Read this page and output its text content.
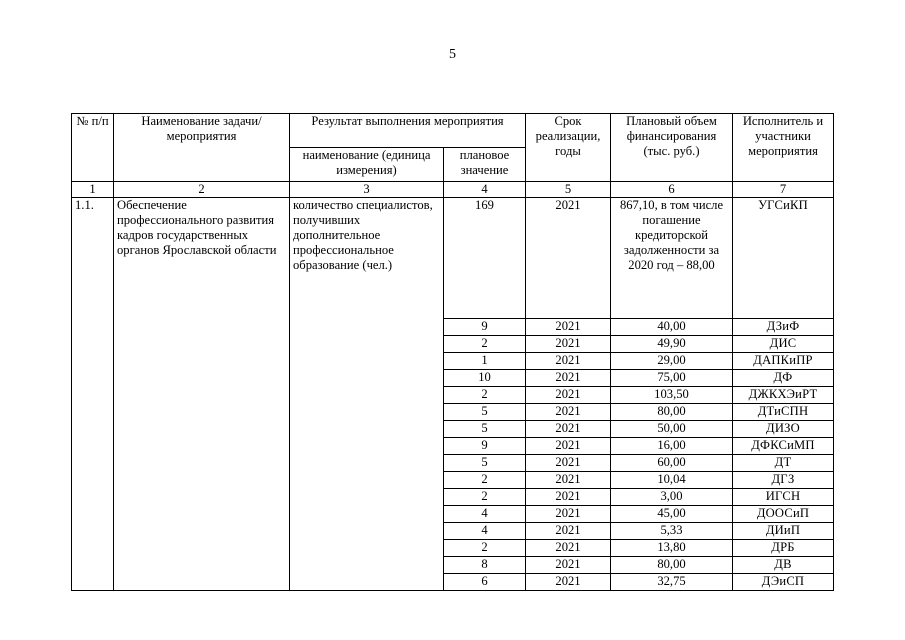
5
№ п/п	Наименование задачи/мероприятия	Результат выполнения мероприятия		Срок реализации, годы	Плановый объем финансирования (тыс. руб.)	Исполнитель и участники мероприятия
		наименование (единица измерения)	плановое значение			
1	2	3	4	5	6	7
1.1.	Обеспечение профессионального развития кадров государственных органов Ярославской области	количество специалистов, получивших дополнительное профессиональное образование (чел.)	169	2021	867,10, в том числе погашение кредиторской задолженности за 2020 год – 88,00	УГСиКП
			9	2021	40,00	ДЗиФ
			2	2021	49,90	ДИС
			1	2021	29,00	ДАПКиПР
			10	2021	75,00	ДФ
			2	2021	103,50	ДЖКХЭиРТ
			5	2021	80,00	ДТиСПН
			5	2021	50,00	ДИЗО
			9	2021	16,00	ДФКСиМП
			5	2021	60,00	ДТ
			2	2021	10,04	ДГЗ
			2	2021	3,00	ИГСН
			4	2021	45,00	ДООСиП
			4	2021	5,33	ДИиП
			2	2021	13,80	ДРБ
			8	2021	80,00	ДВ
			6	2021	32,75	ДЭиСП
